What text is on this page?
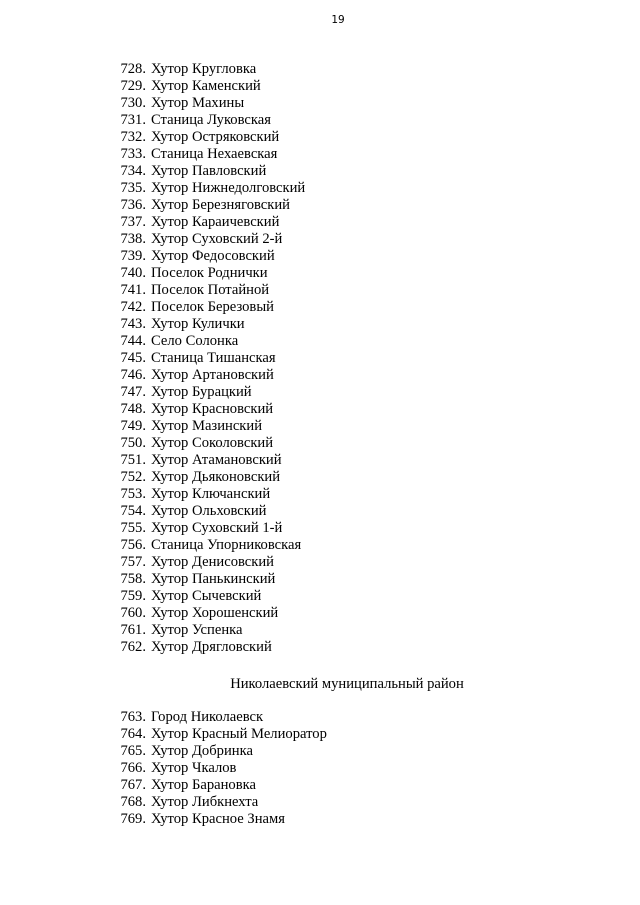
19
728. Хутор Кругловка
729. Хутор Каменский
730. Хутор Махины
731. Станица Луковская
732. Хутор Остряковский
733. Станица Нехаевская
734. Хутор Павловский
735. Хутор Нижнедолговский
736. Хутор Березняговский
737. Хутор Караичевский
738. Хутор Суховский 2-й
739. Хутор Федосовский
740. Поселок Роднички
741. Поселок Потайной
742. Поселок Березовый
743. Хутор Кулички
744. Село Солонка
745. Станица Тишанская
746. Хутор Артановский
747. Хутор Бурацкий
748. Хутор Красновский
749. Хутор Мазинский
750. Хутор Соколовский
751. Хутор Атамановский
752. Хутор Дьяконовский
753. Хутор Ключанский
754. Хутор Ольховский
755. Хутор Суховский 1-й
756. Станица Упорниковская
757. Хутор Денисовский
758. Хутор Панькинский
759. Хутор Сычевский
760. Хутор Хорошенский
761. Хутор Успенка
762. Хутор Дрягловский
Николаевский муниципальный район
763. Город Николаевск
764. Хутор Красный Мелиоратор
765. Хутор Добринка
766. Хутор Чкалов
767. Хутор Барановка
768. Хутор Либкнехта
769. Хутор Красное Знамя
